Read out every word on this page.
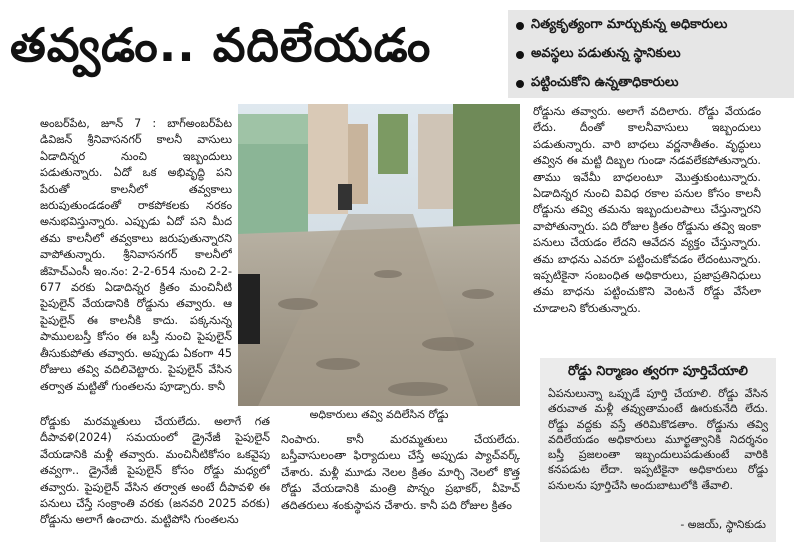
తవ్వడం.. వదిలేయడం	నిత్యకృత్యంగా మార్చుకున్న అధికారులు
అవస్థలు పడుతున్న స్థానికులు
పట్టించుకోని ఉన్నతాధికారులు

అంబర్‌పేట, జూన్ 7 : బాగ్‌అంబర్‌పేట డివిజన్ శ్రీనివాసనగర్ కాలనీ వాసులు ఏడాదిన్నర నుంచి ఇబ్బందులు పడుతున్నారు. ఏదో ఒక అభివృద్ధి పని పేరుతో కాలనీలో తవ్వకాలు జరుపుతుండడంతో రాకపోకలకు నరకం అనుభవిస్తున్నారు. ఎప్పుడు ఏదో పని మీద తమ కాలనీలో తవ్వకాలు జరుపుతున్నారని వాపోతున్నారు. శ్రీనివాసనగర్ కాలనీలో జీహెచ్‌ఎంసీ ఇం.నం: 2-2-654 నుంచి 2-2-677 వరకు ఏడాదిన్నర క్రితం మంచినీటి పైపులైన్ వేయడానికి రోడ్డును తవ్వారు. ఆ పైపులైన్ ఈ కాలనీకి కాదు. పక్కనున్న పాములబస్తీ కోసం ఈ బస్తీ నుంచి పైపులైన్ తీసుకుపోతు తవ్వారు. అప్పుడు ఏకంగా 45 రోజులు తవ్వి వదిలివెట్టారు. పైపులైన్ వేసిన తర్వాత మట్టితో గుంతలను పూడ్చారు. కానీ

రోడ్డుకు మరమ్మతులు చేయలేదు. అలాగే గత దీపావళి(2024) సమయంలో డ్రైనేజీ పైపులైన్ వేయడానికి మళ్లీ తవ్వారు. మంచినీటికోసం ఒకవైపు తవ్వగా.. డ్రైనేజీ పైపులైన్ కోసం రోడ్డు మధ్యలో తవ్వారు. పైపులైన్ వేసిన తర్వాత అంటే దీపావళి ఈ పనులు చేస్తే సంక్రాంతి వరకు (జనవరి 2025 వరకు) రోడ్డును అలాగే ఉంచారు. మట్టిపోసి గుంతలను

అధికారులు తవ్వి వదిలేసిన రోడ్డు

నింపారు. కానీ మరమ్మతులు చేయలేదు. బస్తీవాసులంతా ఫిర్యాదులు చేస్తే అప్పుడు ప్యాచ్‌వర్క్ చేశారు. మళ్లీ మూడు నెలల క్రితం మార్చి నెలలో కొత్త రోడ్డు వేయడానికి మంత్రి పొన్నం ప్రభాకర్, వీహెచ్ తదితరులు శంకుస్థాపన చేశారు. కానీ పది రోజుల క్రితం

రోడ్డును తవ్వారు. అలాగే వదిలారు. రోడ్డు వేయడం లేదు. దీంతో కాలనీవాసులు ఇబ్బందులు పడుతున్నారు. వారి బాధలు వర్ణనాతీతం. వృద్ధులు తవ్విన ఈ మట్టి దిబ్బల గుండా నడవలేకపోతున్నారు. తాము ఇవేమీ బాధలంటూ మొత్తుకుంటున్నారు. ఏడాదిన్నర నుంచి వివిధ రకాల పనుల కోసం కాలనీ రోడ్డును తవ్వి తమను ఇబ్బందులపాలు చేస్తున్నారని వాపోతున్నారు. పది రోజుల క్రితం రోడ్డును తవ్వి ఇంకా పనులు చేయడం లేదని ఆవేదన వ్యక్తం చేస్తున్నారు. తమ బాధను ఎవరూ పట్టించుకోవడం లేదంటున్నారు. ఇప్పటికైనా సంబంధిత అధికారులు, ప్రజాప్రతినిధులు తమ బాధను పట్టించుకొని వెంటనే రోడ్డు వేసేలా చూడాలని కోరుతున్నారు.

రోడ్డు నిర్మాణం త్వరగా పూర్తిచేయాలి
ఏపనులున్నా ఒప్పుడే పూర్తి చేయాలి. రోడ్డు వేసిన తరువాత మళ్లీ తవ్వుతామంటే ఊరుకునేది లేదు. రోడ్డు వద్దకు వస్తే తరిమికొడతాం. రోడ్డును తవ్వి వదిలేయడం అధికారులు మూర్ఖత్వానికి నిదర్శనం బస్తీ ప్రజలంతా ఇబ్బందులుపడుతుంటే వారికి కనపడుట లేదా. ఇప్పటికైనా అధికారులు రోడ్డు పనులను పూర్తిచేసి అందుబాటులోకి తేవాలి.
- అజయ్, స్థానికుడు
